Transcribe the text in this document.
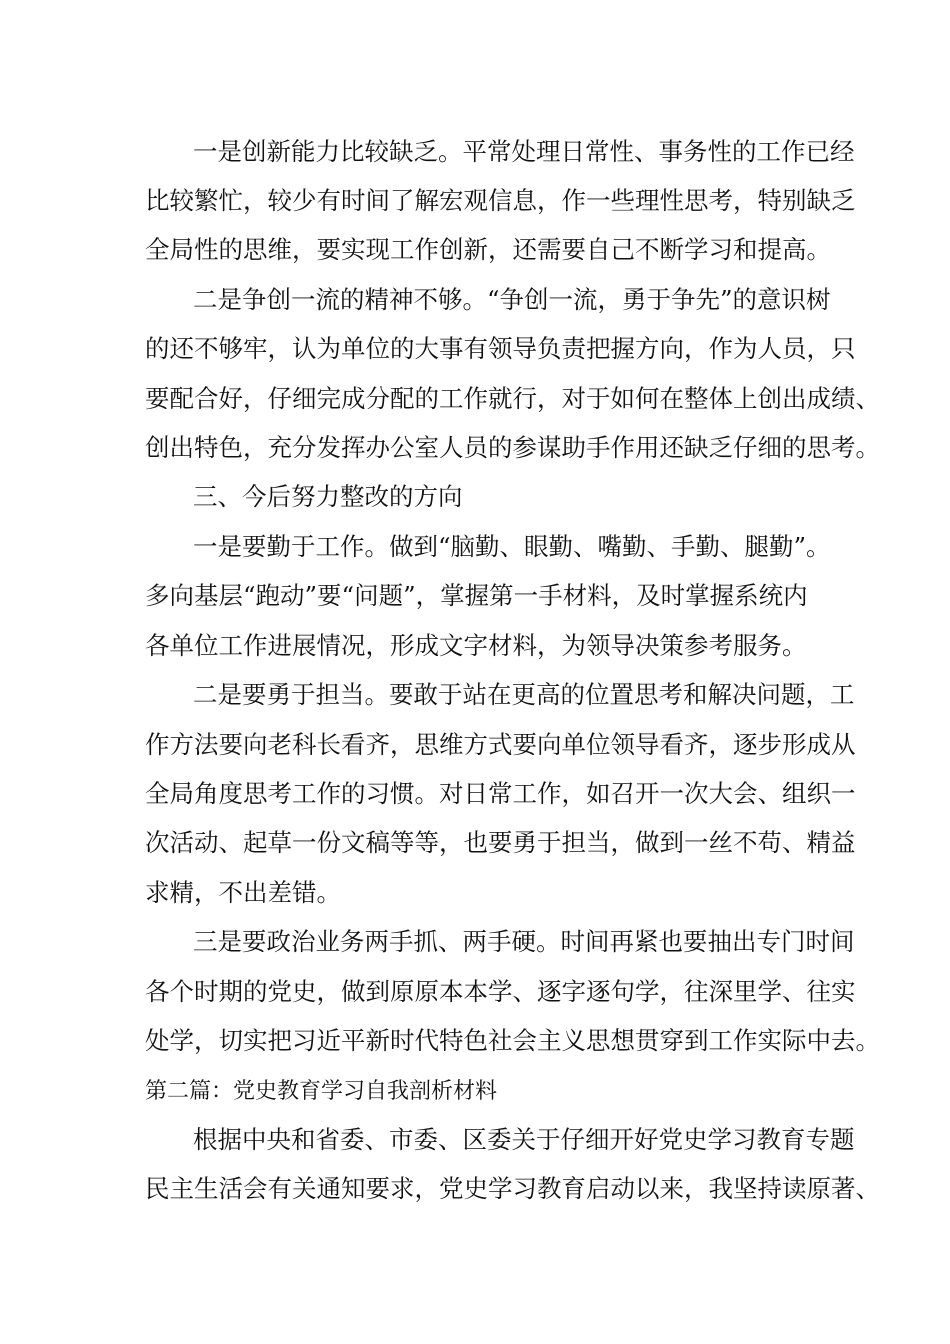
一是创新能力比较缺乏。平常处理日常性、事务性的工作已经
比较繁忙，较少有时间了解宏观信息，作一些理性思考，特别缺乏
全局性的思维，要实现工作创新，还需要自己不断学习和提高。
二是争创一流的精神不够。“争创一流，勇于争先”的意识树
的还不够牢，认为单位的大事有领导负责把握方向，作为人员，只
要配合好，仔细完成分配的工作就行，对于如何在整体上创出成绩、
创出特色，充分发挥办公室人员的参谋助手作用还缺乏仔细的思考。
三、今后努力整改的方向
一是要勤于工作。做到“脑勤、眼勤、嘴勤、手勤、腿勤”。
多向基层“跑动”要“问题”，掌握第一手材料，及时掌握系统内
各单位工作进展情况，形成文字材料，为领导决策参考服务。
二是要勇于担当。要敢于站在更高的位置思考和解决问题，工
作方法要向老科长看齐，思维方式要向单位领导看齐，逐步形成从
全局角度思考工作的习惯。对日常工作，如召开一次大会、组织一
次活动、起草一份文稿等等，也要勇于担当，做到一丝不苟、精益
求精，不出差错。
三是要政治业务两手抓、两手硬。时间再紧也要抽出专门时间
各个时期的党史，做到原原本本学、逐字逐句学，往深里学、往实
处学，切实把习近平新时代特色社会主义思想贯穿到工作实际中去。
第二篇：党史教育学习自我剖析材料
根据中央和省委、市委、区委关于仔细开好党史学习教育专题
民主生活会有关通知要求，党史学习教育启动以来，我坚持读原著、
